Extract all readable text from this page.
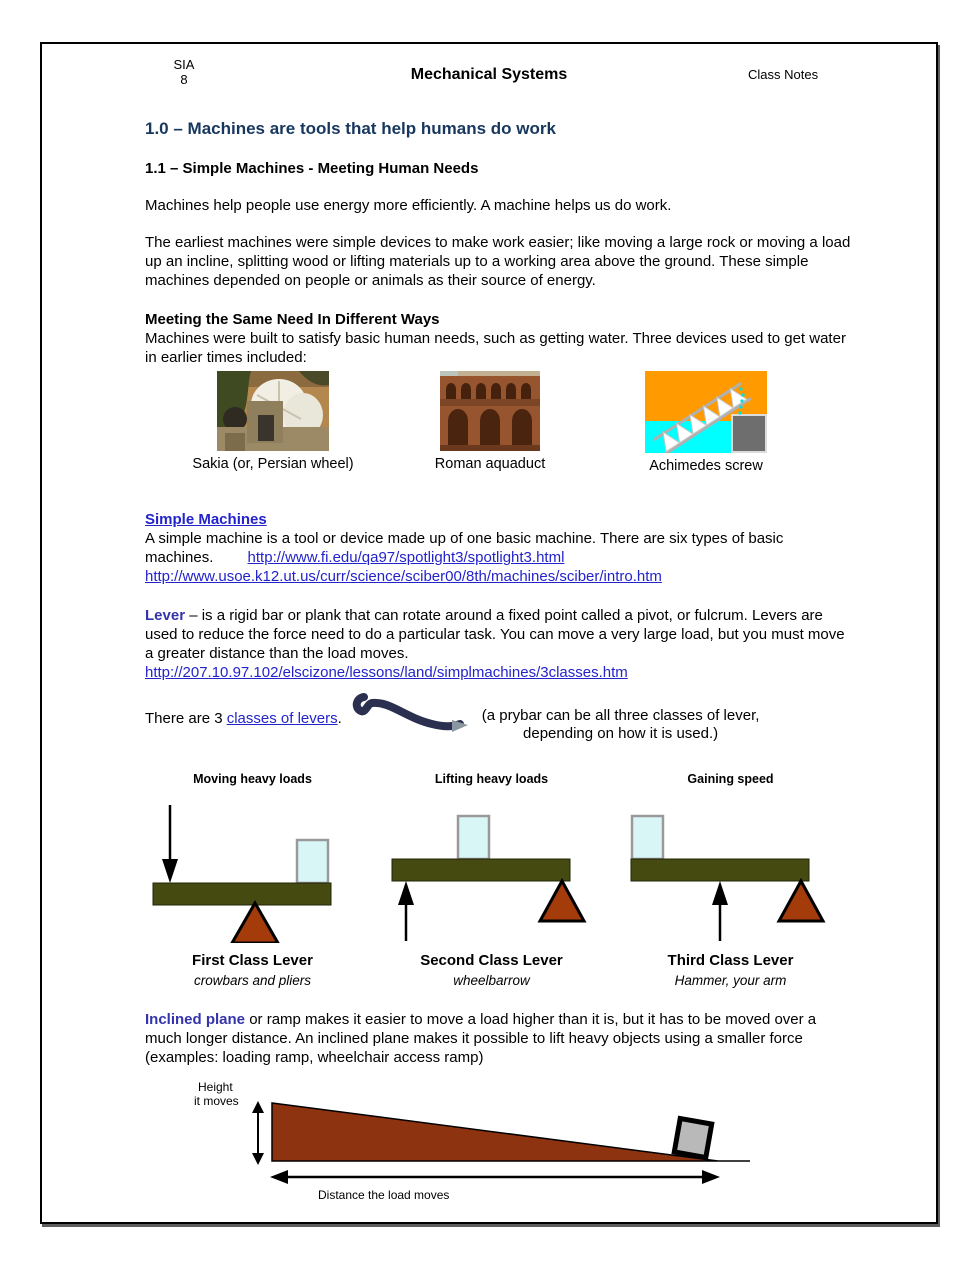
SIA
8	Mechanical Systems	Class Notes
1.0 – Machines are tools that help humans do work
1.1 – Simple Machines - Meeting Human Needs

Machines help people use energy more efficiently. A machine helps us do work.

The earliest machines were simple devices to make work easier; like moving a large rock or moving a load up an incline, splitting wood or lifting materials up to a working area above the ground. These simple machines depended on people or animals as their source of energy.

Meeting the Same Need In Different Ways

Machines were built to satisfy basic human needs, such as getting water. Three devices used to get water in earlier times included:

Sakia (or, Persian wheel)	Roman aquaduct	Achimedes screw
Simple Machines

A simple machine is a tool or device made up of one basic machine. There are six types of basic machines. http://www.fi.edu/qa97/spotlight3/spotlight3.html
http://www.usoe.k12.ut.us/curr/science/sciber00/8th/machines/sciber/intro.htm

Lever – is a rigid bar or plank that can rotate around a fixed point called a pivot, or fulcrum. Levers are used to reduce the force need to do a particular task. You can move a very large load, but you must move a greater distance than the load moves.

http://207.10.97.102/elscizone/lessons/land/simplmachines/3classes.htm
There are 3 classes of levers.	(a prybar can be all three classes of lever,
depending on how it is used.)
Moving heavy loads
First Class Lever
crowbars and pliers
Lifting heavy loads
Second Class Lever
wheelbarrow
Gaining speed
Third Class Lever
Hammer, your arm

Inclined plane or ramp makes it easier to move a load higher than it is, but it has to be moved over a much longer distance. An inclined plane makes it possible to lift heavy objects using a smaller force (examples: loading ramp, wheelchair access ramp)

Height
it moves
Distance the load moves
